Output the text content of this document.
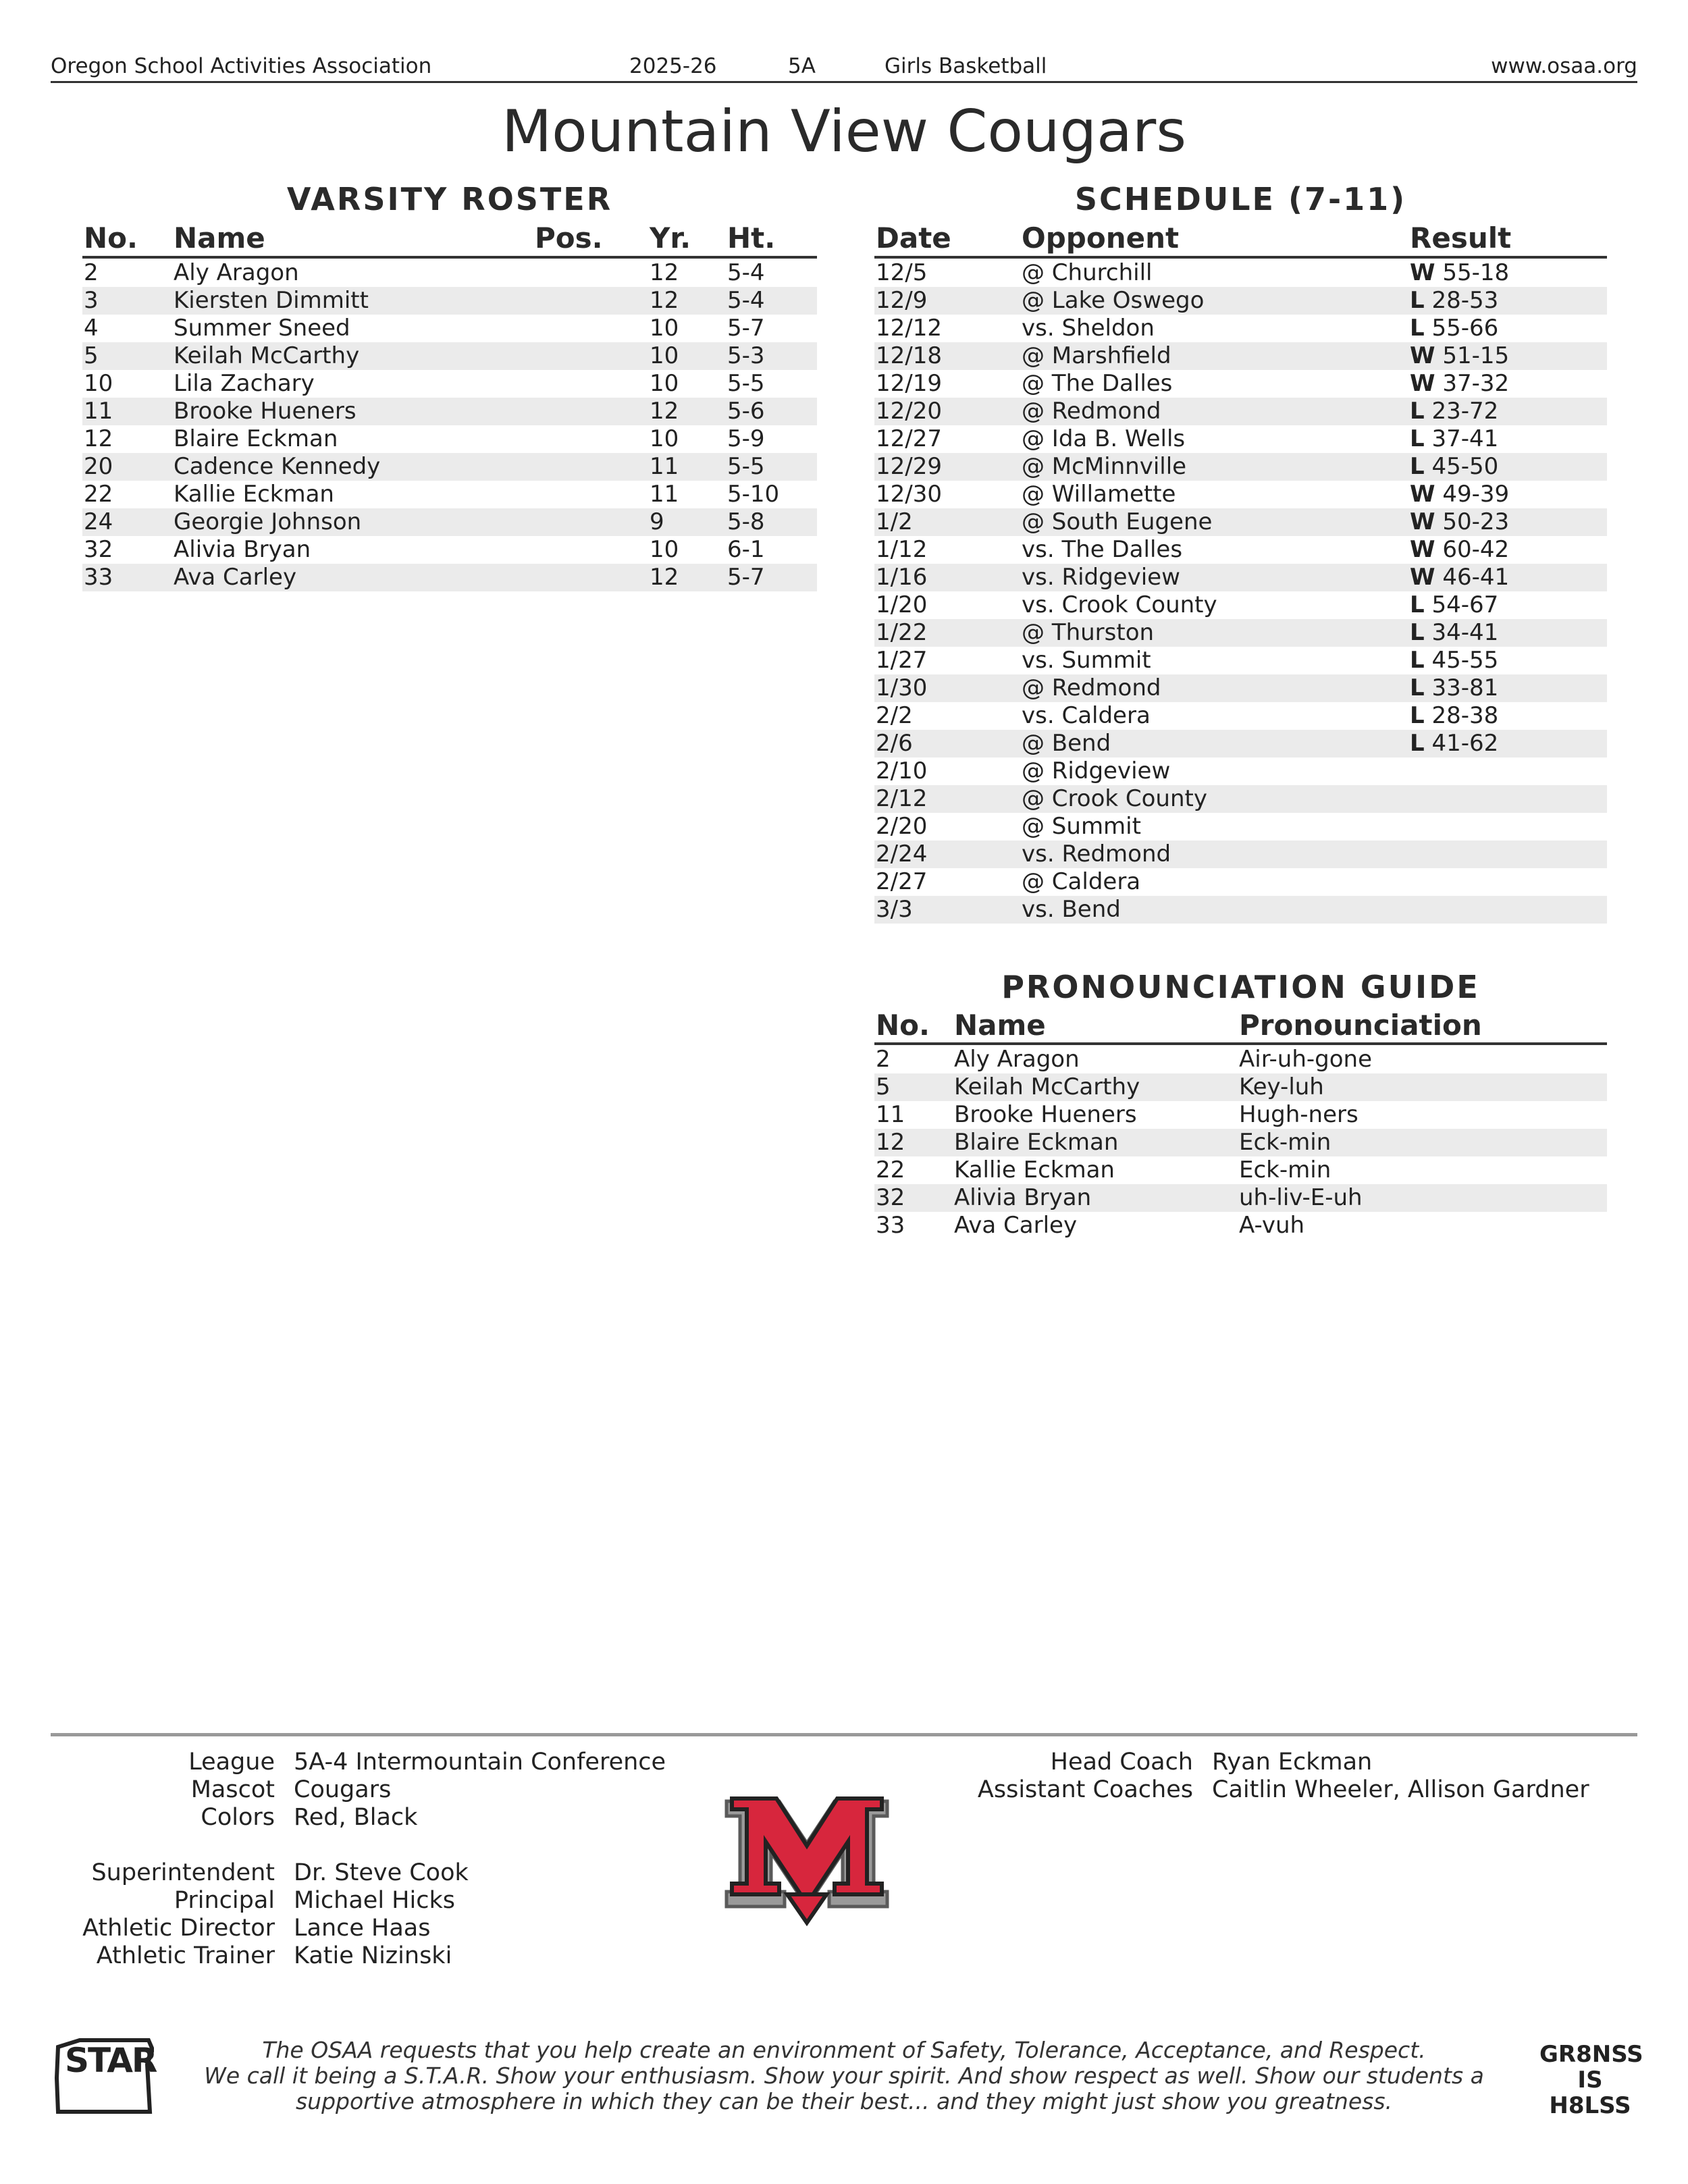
Oregon School Activities Association	2025-26	5A	Girls Basketball	www.osaa.org
Mountain View Cougars
VARSITY ROSTER
No. Name	Pos. Yr. Ht.
2	Aly Aragon	12 5-4
3	Kiersten Dimmitt	12 5-4
4	Summer Sneed	10 5-7
5	Keilah McCarthy	10 5-3
10	Lila Zachary	10 5-5
11	Brooke Hueners	12 5-6
12	Blaire Eckman	10 5-9
20	Cadence Kennedy	11 5-5
22	Kallie Eckman	11 5-10
24	Georgie Johnson	9	5-8
32	Alivia Bryan	10 6-1
33	Ava Carley	12 5-7
SCHEDULE (7-11)
Date Opponent	Result
12/5	@ Churchill	W 55-18
12/9	@ Lake Oswego	L 28-53
12/12	vs. Sheldon	L 55-66
12/18	@ Marshfield	W 51-15
12/19	@ The Dalles	W 37-32
12/20	@ Redmond	L 23-72
12/27	@ Ida B. Wells	L 37-41
12/29	@ McMinnville	L 45-50
12/30	@ Willamette	W 49-39
1/2	@ South Eugene	W 50-23
1/12	vs. The Dalles	W 60-42
1/16	vs. Ridgeview	W 46-41
1/20	vs. Crook County	L 54-67
1/22	@ Thurston	L 34-41
1/27	vs. Summit	L 45-55
1/30	@ Redmond	L 33-81
2/2	vs. Caldera	L 28-38
2/6	@ Bend	L 41-62
2/10	@ Ridgeview
2/12	@ Crook County
2/20	@ Summit
2/24	vs. Redmond
2/27	@ Caldera
3/3	vs. Bend
PRONOUNCIATION GUIDE
No. Name	Pronounciation
2	Aly Aragon	Air-uh-gone
5	Keilah McCarthy	Key-luh
11 Brooke Hueners	Hugh-ners
12 Blaire Eckman	Eck-min
22 Kallie Eckman	Eck-min
32 Alivia Bryan	uh-liv-E-uh
33 Ava Carley	A-vuh
League 5A-4 Intermountain Conference
Mascot Cougars
Colors Red, Black
Superintendent Dr. Steve Cook
Principal Michael Hicks
Athletic Director Lance Haas
Athletic Trainer Katie Nizinski
Head Coach Ryan Eckman
Assistant Coaches Caitlin Wheeler, Allison Gardner
STAR	GR8NSS IS H8LSS
The OSAA requests that you help create an environment of Safety, Tolerance, Acceptance, and Respect.
We call it being a S.T.A.R. Show your enthusiasm. Show your spirit. And show respect as well. Show our students a
supportive atmosphere in which they can be their best... and they might just show you greatness.
